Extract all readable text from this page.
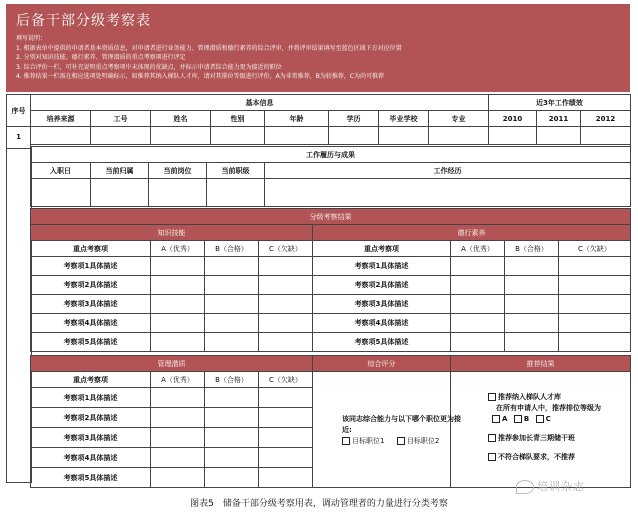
后备干部分级考察表
填写说明：
1. 根据表单中提供的申请者基本资质信息，对申请者进行业务能力、管理潜质和德行素养的综合评审，并将评审结果填写至蓝色区域下方对应位置
2. 分别对知识技能、德行素养、管理潜质的重点考察项进行评定
3. 综合评价一栏，可补充说明重点考察项中未体现的优缺点，并标示申请者综合能力更为接近的职位
4. 推荐结果一栏需在相应选项处明确标示，如推荐其纳入梯队人才库，请对其排位等级进行评价，A为非常推荐，B为较推荐，C为尚可推荐
序号	基本信息								近3年工作绩效		
	培养来源	工号	姓名	性别	年龄	学历	毕业学校	专业	2010	2011	2012
1											

工作履历与成果				
入职日	当前归属	当前岗位	当前职级	工作经历

分级考察结果							
知识技能				德行素养			
重点考察项	A（优秀）	B（合格）	C（欠缺）	重点考察项	A（优秀）	B（合格）	C（欠缺）
考察项1具体描述				考察项1具体描述			
考察项2具体描述				考察项2具体描述			
考察项3具体描述				考察项3具体描述			
考察项4具体描述				考察项4具体描述			
考察项5具体描述				考察项5具体描述			
管理潜质				综合评分	推荐结果
重点考察项	A（优秀）	B（合格）	C（欠缺）		
考察项1具体描述					
考察项2具体描述					
考察项3具体描述					
考察项4具体描述					
考察项5具体描述					
该同志综合能力与以下哪个职位更为接近:
目标职位1	目标职位2
推荐纳入梯队人才库
在所有申请人中，推荐排位等级为
A B C
推荐参加长青三期储干班
不符合梯队要求，不推荐
培训杂志
图表5　储备干部分级考察用表，调动管理者的力量进行分类考察
